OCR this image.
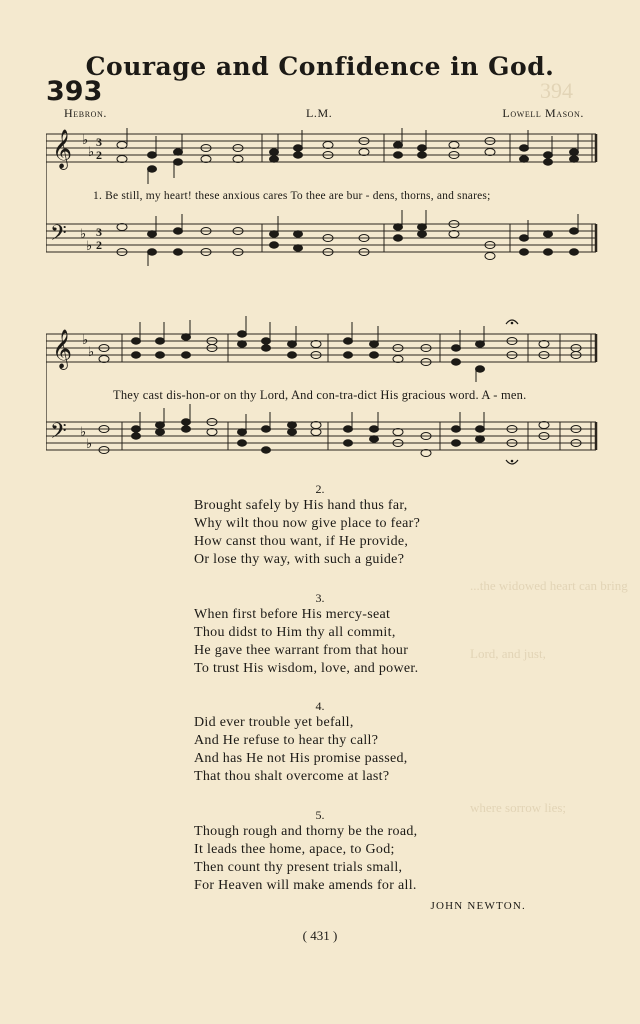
394
...the widowed heart can bring
Lord, and just,
where sorrow lies;
Courage and Confidence in God.
393
Hebron.	L.M.	Lowell Mason.
𝄞
𝄢
♭
♭
♭
♭
3
2
3
2
1. Be still, my heart! these anxious cares To thee are bur - dens, thorns, and snares;
𝄞
𝄢
♭
♭
♭
♭
They cast dis-hon-or on thy Lord, And con-tra-dict His gracious word. A - men.
2.
Brought safely by His hand thus far,
Why wilt thou now give place to fear?
How canst thou want, if He provide,
Or lose thy way, with such a guide?
3.
When first before His mercy-seat
Thou didst to Him thy all commit,
He gave thee warrant from that hour
To trust His wisdom, love, and power.
4.
Did ever trouble yet befall,
And He refuse to hear thy call?
And has He not His promise passed,
That thou shalt overcome at last?
5.
Though rough and thorny be the road,
It leads thee home, apace, to God;
Then count thy present trials small,
For Heaven will make amends for all.
JOHN NEWTON.
( 431 )
